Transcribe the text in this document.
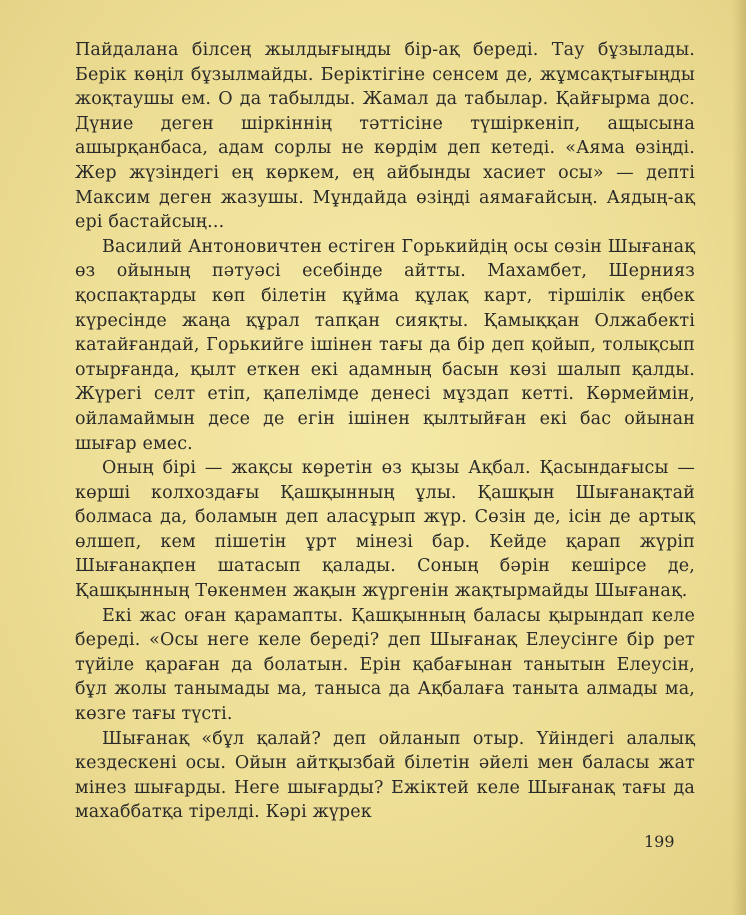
Пайдалана білсең жылдығыңды бір-ақ береді. Тау бұзылады. Берік көңіл бұзылмайды. Беріктігіне сенсем де, жұмсақтығыңды жоқтаушы ем. О да табылды. Жамал да табылар. Қайғырма дос. Дүние деген шіркіннің тәттісіне түшіркеніп, ащысына ашырқанбаса, адам сорлы не көрдім деп кетеді. «Аяма өзіңді. Жер жүзіндегі ең көркем, ең айбынды хасиет осы» — депті Максим деген жазушы. Мұндайда өзіңді аямағайсың. Аядың-ақ ері бастайсың...

Василий Антоновичтен естіген Горькийдің осы сөзін Шығанақ өз ойының пәтуәсі есебінде айтты. Махамбет, Шернияз қоспақтарды көп білетін құйма құлақ карт, тіршілік еңбек күресінде жаңа құрал тапқан сияқты. Қамыққан Олжабекті катайғандай, Горькийге ішінен тағы да бір деп қойып, толықсып отырғанда, қылт еткен екі адамның басын көзі шалып қалды. Жүрегі селт етіп, қапелімде денесі мұздап кетті. Көрмеймін, ойламаймын десе де егін ішінен қылтыйған екі бас ойынан шығар емес.

Оның бірі — жақсы көретін өз қызы Ақбал. Қасындағысы — көрші колхоздағы Қашқынның ұлы. Қашқын Шығанақтай болмаса да, боламын деп аласұрып жүр. Сөзін де, ісін де артық өлшеп, кем пішетін ұрт мінезі бар. Кейде қарап жүріп Шығанақпен шатасып қалады. Соның бәрін кешірсе де, Қашқынның Төкенмен жақын жүргенін жақтырмайды Шығанақ.

Екі жас оған қарамапты. Қашқынның баласы қырындап келе береді. «Осы неге келе береді? деп Шығанақ Елеусінге бір рет түйіле қараған да болатын. Ерін қабағынан танытын Елеусін, бұл жолы танымады ма, таныса да Ақбалаға таныта алмады ма, көзге тағы түсті.

Шығанақ «бұл қалай? деп ойланып отыр. Үйіндегі алалық кездескені осы. Ойын айтқызбай білетін әйелі мен баласы жат мінез шығарды. Неге шығарды? Ежіктей келе Шығанақ тағы да махаббатқа тірелді. Кәрі жүрек

199
